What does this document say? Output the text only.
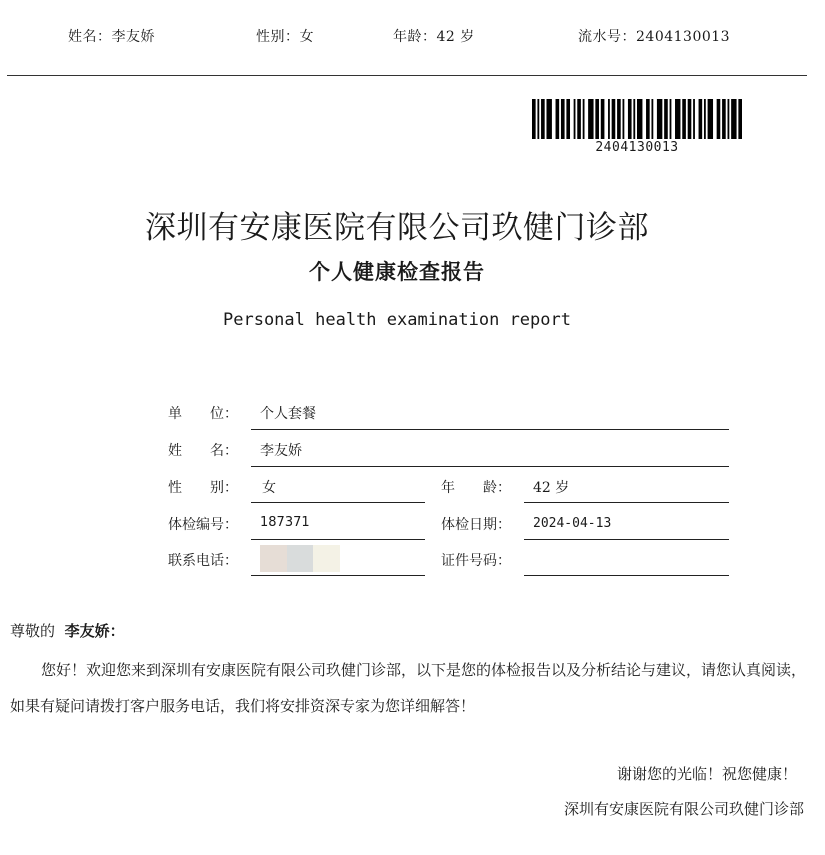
姓名：李友娇	性别：女	年龄：42 岁	流水号：2404130013
2404130013
深圳有安康医院有限公司玖健门诊部
个人健康检查报告
Personal health examination report
单　　位： 个人套餐
姓　　名： 李友娇
性　　别： 女	年　　龄： 42 岁
体检编号： 187371	体检日期： 2024-04-13
联系电话：	证件号码：
尊敬的 李友娇：
您好！欢迎您来到深圳有安康医院有限公司玖健门诊部，以下是您的体检报告以及分析结论与建议，请您认真阅读，如果有疑问请拨打客户服务电话，我们将安排资深专家为您详细解答！
谢谢您的光临！祝您健康！
深圳有安康医院有限公司玖健门诊部
